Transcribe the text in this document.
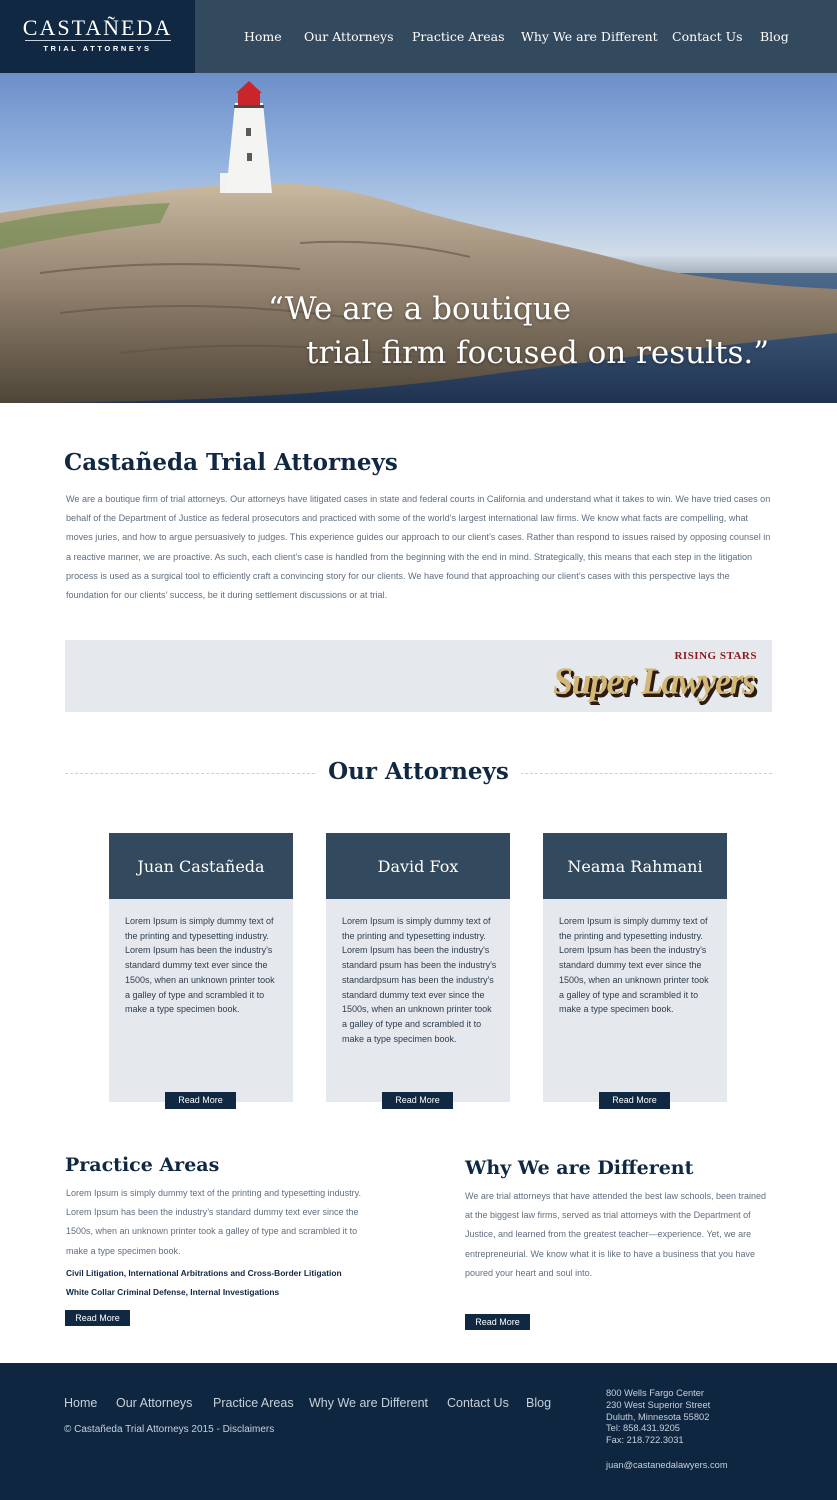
CASTAÑEDA
TRIAL ATTORNEYS
Home Our Attorneys Practice Areas Why We are Different Contact Us Blog
“We are a boutique
trial firm focused on results.”
Castañeda Trial Attorneys

We are a boutique firm of trial attorneys. Our attorneys have litigated cases in state and federal courts in California and understand what it takes to win. We have tried cases on behalf of the Department of Justice as federal prosecutors and practiced with some of the world’s largest international law firms. We know what facts are compelling, what moves juries, and how to argue persuasively to judges. This experience guides our approach to our client’s cases. Rather than respond to issues raised by opposing counsel in a reactive manner, we are proactive. As such, each client’s case is handled from the beginning with the end in mind. Strategically, this means that each step in the litigation process is used as a surgical tool to efficiently craft a convincing story for our clients. We have found that approaching our client’s cases with this perspective lays the foundation for our clients’ success, be it during settlement discussions or at trial.

RISING STARS
Super Lawyers
Our Attorneys
Juan Castañeda

Lorem Ipsum is simply dummy text of the printing and typesetting industry. Lorem Ipsum has been the industry's standard dummy text ever since the 1500s, when an unknown printer took a galley of type and scrambled it to make a type specimen book.

Read More
David Fox

Lorem Ipsum is simply dummy text of the printing and typesetting industry. Lorem Ipsum has been the industry's standard psum has been the industry's standardpsum has been the industry's standard dummy text ever since the 1500s, when an unknown printer took a galley of type and scrambled it to make a type specimen book.

Read More
Neama Rahmani

Lorem Ipsum is simply dummy text of the printing and typesetting industry. Lorem Ipsum has been the industry's standard dummy text ever since the 1500s, when an unknown printer took a galley of type and scrambled it to make a type specimen book.

Read More
Practice Areas

Lorem Ipsum is simply dummy text of the printing and typesetting industry. Lorem Ipsum has been the industry’s standard dummy text ever since the 1500s, when an unknown printer took a galley of type and scrambled it to make a type specimen book.

Civil Litigation, International Arbitrations and Cross-Border Litigation
White Collar Criminal Defense, Internal Investigations
Read More
Why We are Different

We are trial attorneys that have attended the best law schools, been trained at the biggest law firms, served as trial attorneys with the Department of Justice, and learned from the greatest teacher—experience. Yet, we are entrepreneurial. We know what it is like to have a business that you have poured your heart and soul into.

Read More
Home Our Attorneys Practice Areas Why We are Different Contact Us Blog
© Castañeda Trial Attorneys 2015 - Disclaimers
800 Wells Fargo Center
230 West Superior Street
Duluth, Minnesota 55802
Tel: 858.431.9205
Fax: 218.722.3031
juan@castanedalawyers.com
